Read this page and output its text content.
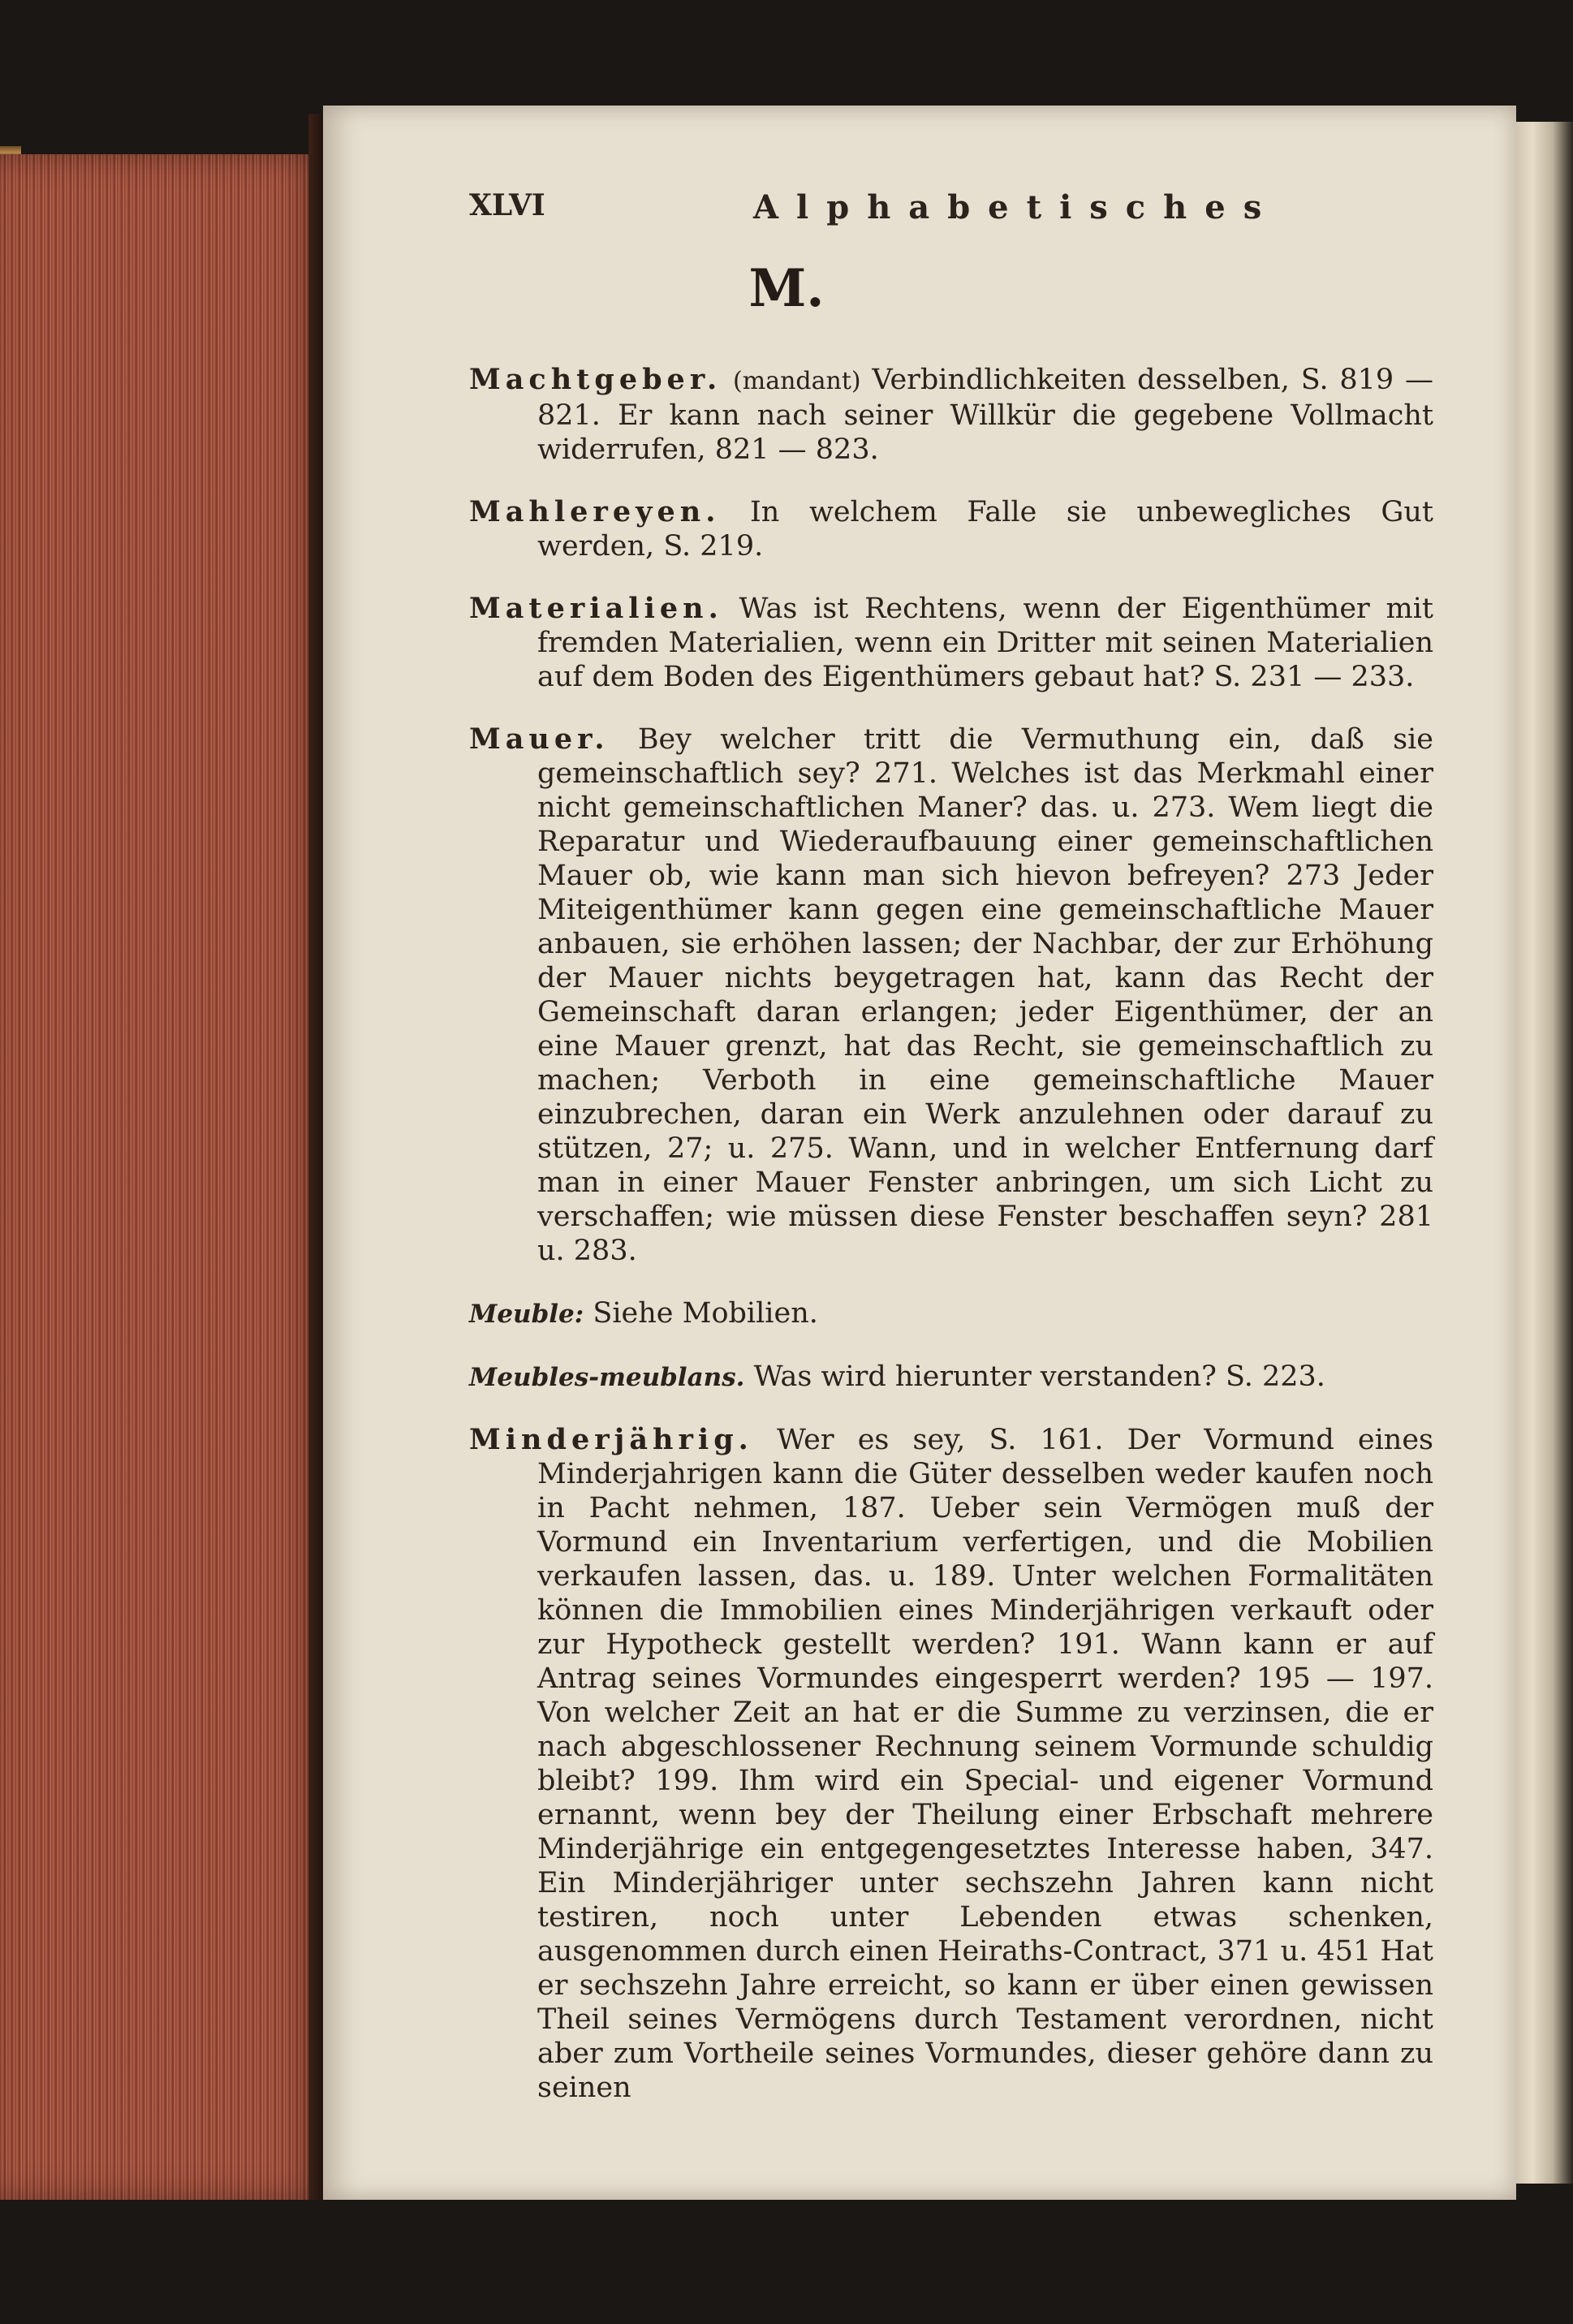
XLVI	Alphabetisches
M.

Machtgeber. (mandant) Verbindlichkeiten desselben, S. 819 — 821. Er kann nach seiner Willkür die gegebene Vollmacht widerrufen, 821 — 823.

Mahlereyen. In welchem Falle sie unbewegliches Gut werden, S. 219.

Materialien. Was ist Rechtens, wenn der Eigenthümer mit fremden Materialien, wenn ein Dritter mit seinen Materialien auf dem Boden des Eigenthümers gebaut hat? S. 231 — 233.

Mauer. Bey welcher tritt die Vermuthung ein, daß sie gemeinschaftlich sey? 271. Welches ist das Merkmahl einer nicht gemeinschaftlichen Maner? das. u. 273. Wem liegt die Reparatur und Wiederaufbauung einer gemeinschaftlichen Mauer ob, wie kann man sich hievon befreyen? 273 Jeder Miteigenthümer kann gegen eine gemeinschaftliche Mauer anbauen, sie erhöhen lassen; der Nachbar, der zur Erhöhung der Mauer nichts beygetragen hat, kann das Recht der Gemeinschaft daran erlangen; jeder Eigenthümer, der an eine Mauer grenzt, hat das Recht, sie gemeinschaftlich zu machen; Verboth in eine gemeinschaftliche Mauer einzubrechen, daran ein Werk anzulehnen oder darauf zu stützen, 27; u. 275. Wann, und in welcher Entfernung darf man in einer Mauer Fenster anbringen, um sich Licht zu verschaffen; wie müssen diese Fenster beschaffen seyn? 281 u. 283.

Meuble: Siehe Mobilien.

Meubles-meublans. Was wird hierunter verstanden? S. 223.

Minderjährig. Wer es sey, S. 161. Der Vormund eines Minderjahrigen kann die Güter desselben weder kaufen noch in Pacht nehmen, 187. Ueber sein Vermögen muß der Vormund ein Inventarium verfertigen, und die Mobilien verkaufen lassen, das. u. 189. Unter welchen Formalitäten können die Immobilien eines Minderjährigen verkauft oder zur Hypotheck gestellt werden? 191. Wann kann er auf Antrag seines Vormundes eingesperrt werden? 195 — 197. Von welcher Zeit an hat er die Summe zu verzinsen, die er nach abgeschlossener Rechnung seinem Vormunde schuldig bleibt? 199. Ihm wird ein Special- und eigener Vormund ernannt, wenn bey der Theilung einer Erbschaft mehrere Minderjährige ein entgegengesetztes Interesse haben, 347. Ein Minderjähriger unter sechszehn Jahren kann nicht testiren, noch unter Lebenden etwas schenken, ausgenommen durch einen Heiraths-Contract, 371 u. 451 Hat er sechszehn Jahre erreicht, so kann er über einen gewissen Theil seines Vermögens durch Testament verordnen, nicht aber zum Vortheile seines Vormundes, dieser gehöre dann zu seinen
